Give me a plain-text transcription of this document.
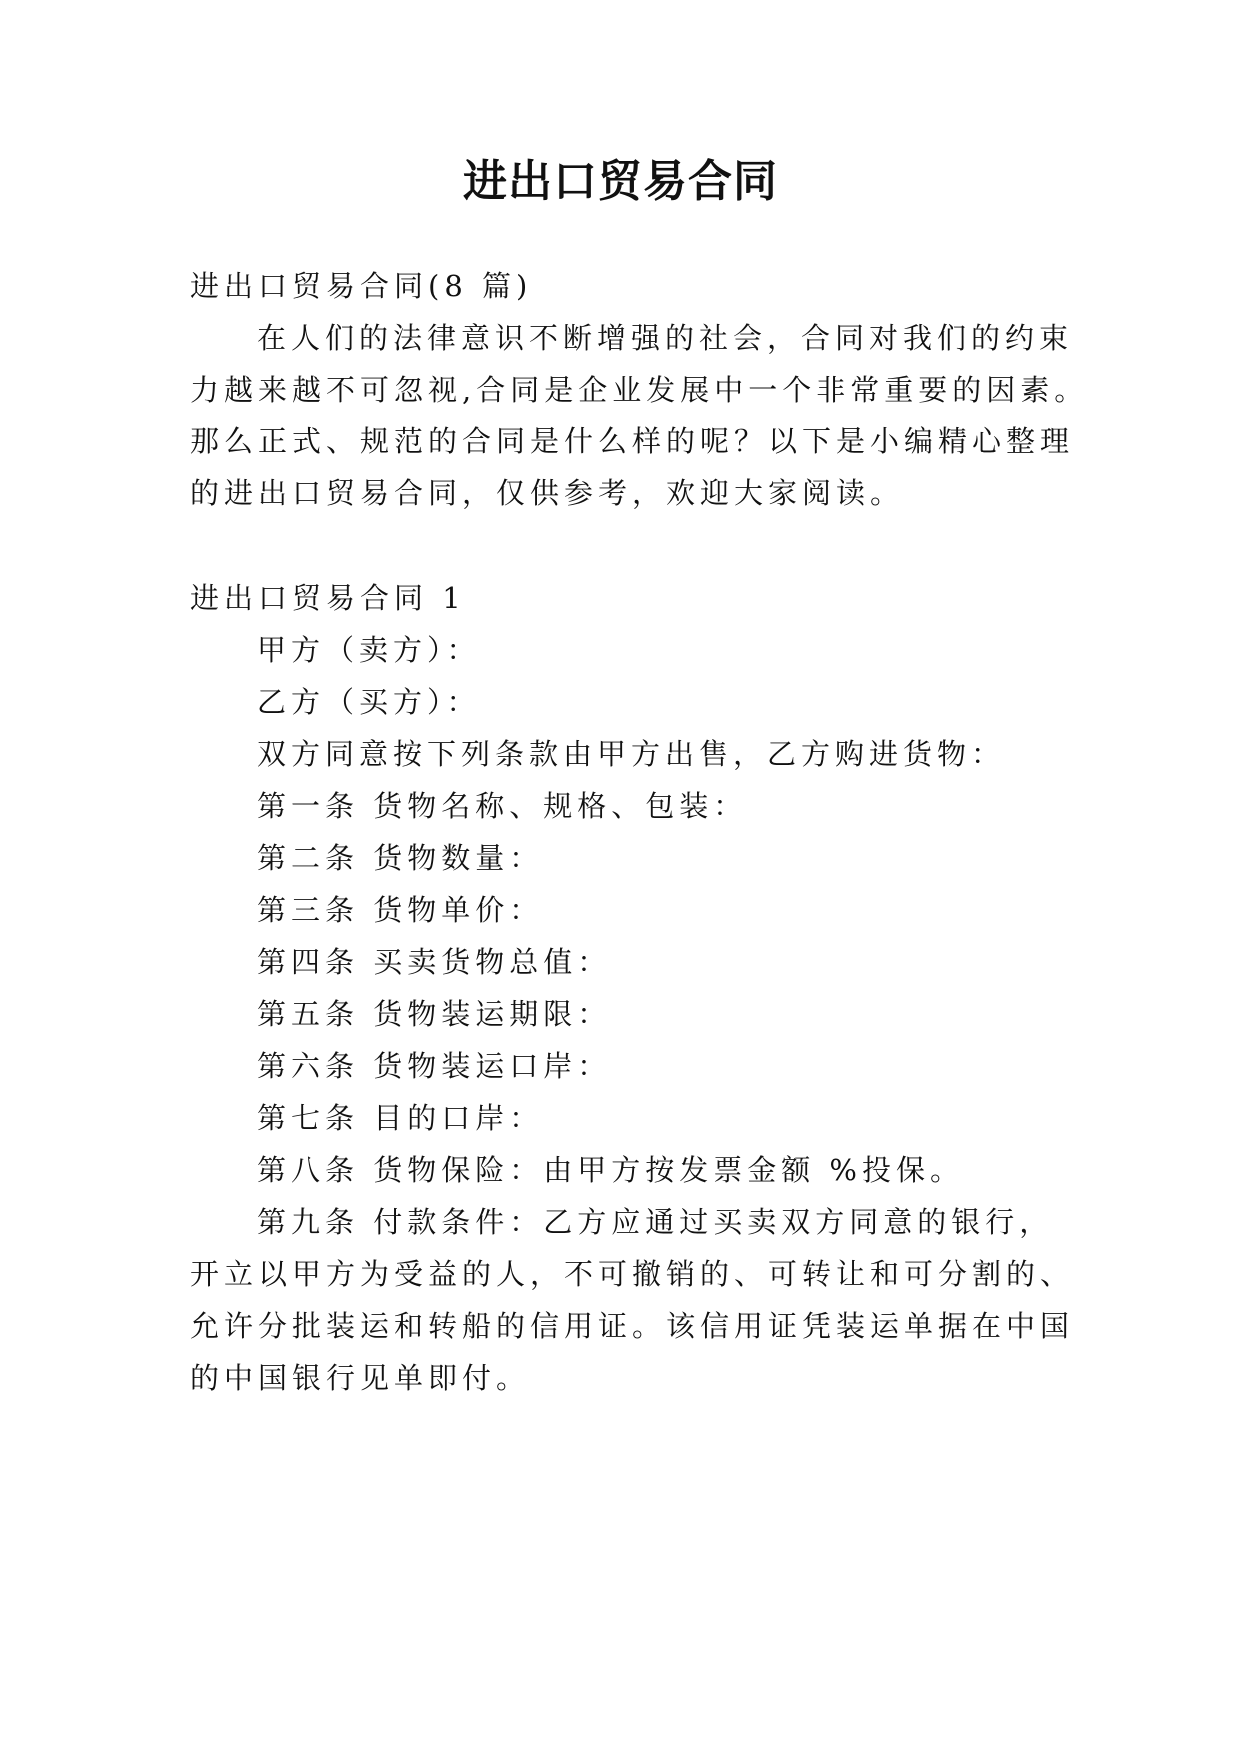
进出口贸易合同
进出口贸易合同(8 篇)
在人们的法律意识不断增强的社会，合同对我们的约束
力越来越不可忽视,合同是企业发展中一个非常重要的因素。
那么正式、规范的合同是什么样的呢？以下是小编精心整理
的进出口贸易合同，仅供参考，欢迎大家阅读。
进出口贸易合同 1
甲方（卖方）：
乙方（买方）：
双方同意按下列条款由甲方出售，乙方购进货物：
第一条 货物名称、规格、包装：
第二条 货物数量：
第三条 货物单价：
第四条 买卖货物总值：
第五条 货物装运期限：
第六条 货物装运口岸：
第七条 目的口岸：
第八条 货物保险：由甲方按发票金额 %投保。
第九条 付款条件：乙方应通过买卖双方同意的银行，
开立以甲方为受益的人，不可撤销的、可转让和可分割的、
允许分批装运和转船的信用证。该信用证凭装运单据在中国
的中国银行见单即付。
